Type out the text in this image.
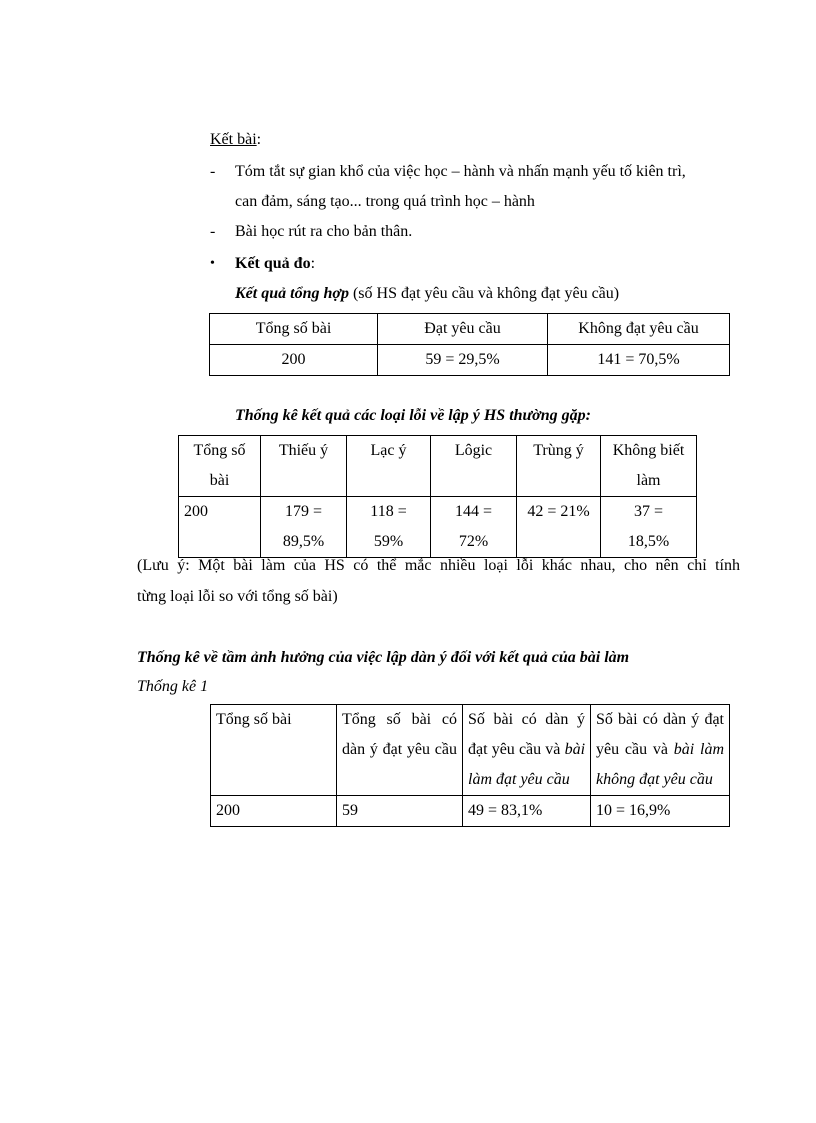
Kết bài:
- Tóm tắt sự gian khổ của việc học – hành và nhấn mạnh yếu tố kiên trì,
can đảm, sáng tạo... trong quá trình học – hành
- Bài học rút ra cho bản thân.
• Kết quả đo:
Kết quả tổng hợp (số HS đạt yêu cầu và không đạt yêu cầu)
Tổng số bài	Đạt yêu cầu	Không đạt yêu cầu
200	59 = 29,5%	141 = 70,5%
Thống kê kết quả các loại lỗi về lập ý HS thường gặp:
Tổng số bài	Thiếu ý	Lạc ý	Lôgic	Trùng ý	Không biết làm
200	179 = 89,5%	118 = 59%	144 = 72%	42 = 21%	37 = 18,5%
(Lưu ý: Một bài làm của HS có thể mắc nhiều loại lỗi khác nhau, cho nên chỉ tính
từng loại lỗi so với tổng số bài)
Thống kê về tầm ảnh hưởng của việc lập dàn ý đối với kết quả của bài làm
Thống kê 1
Tổng số bài	Tổng số bài có dàn ý đạt yêu cầu	Số bài có dàn ý đạt yêu cầu và bài làm đạt yêu cầu	Số bài có dàn ý đạt yêu cầu và bài làm không đạt yêu cầu
200	59	49 = 83,1%	10 = 16,9%
